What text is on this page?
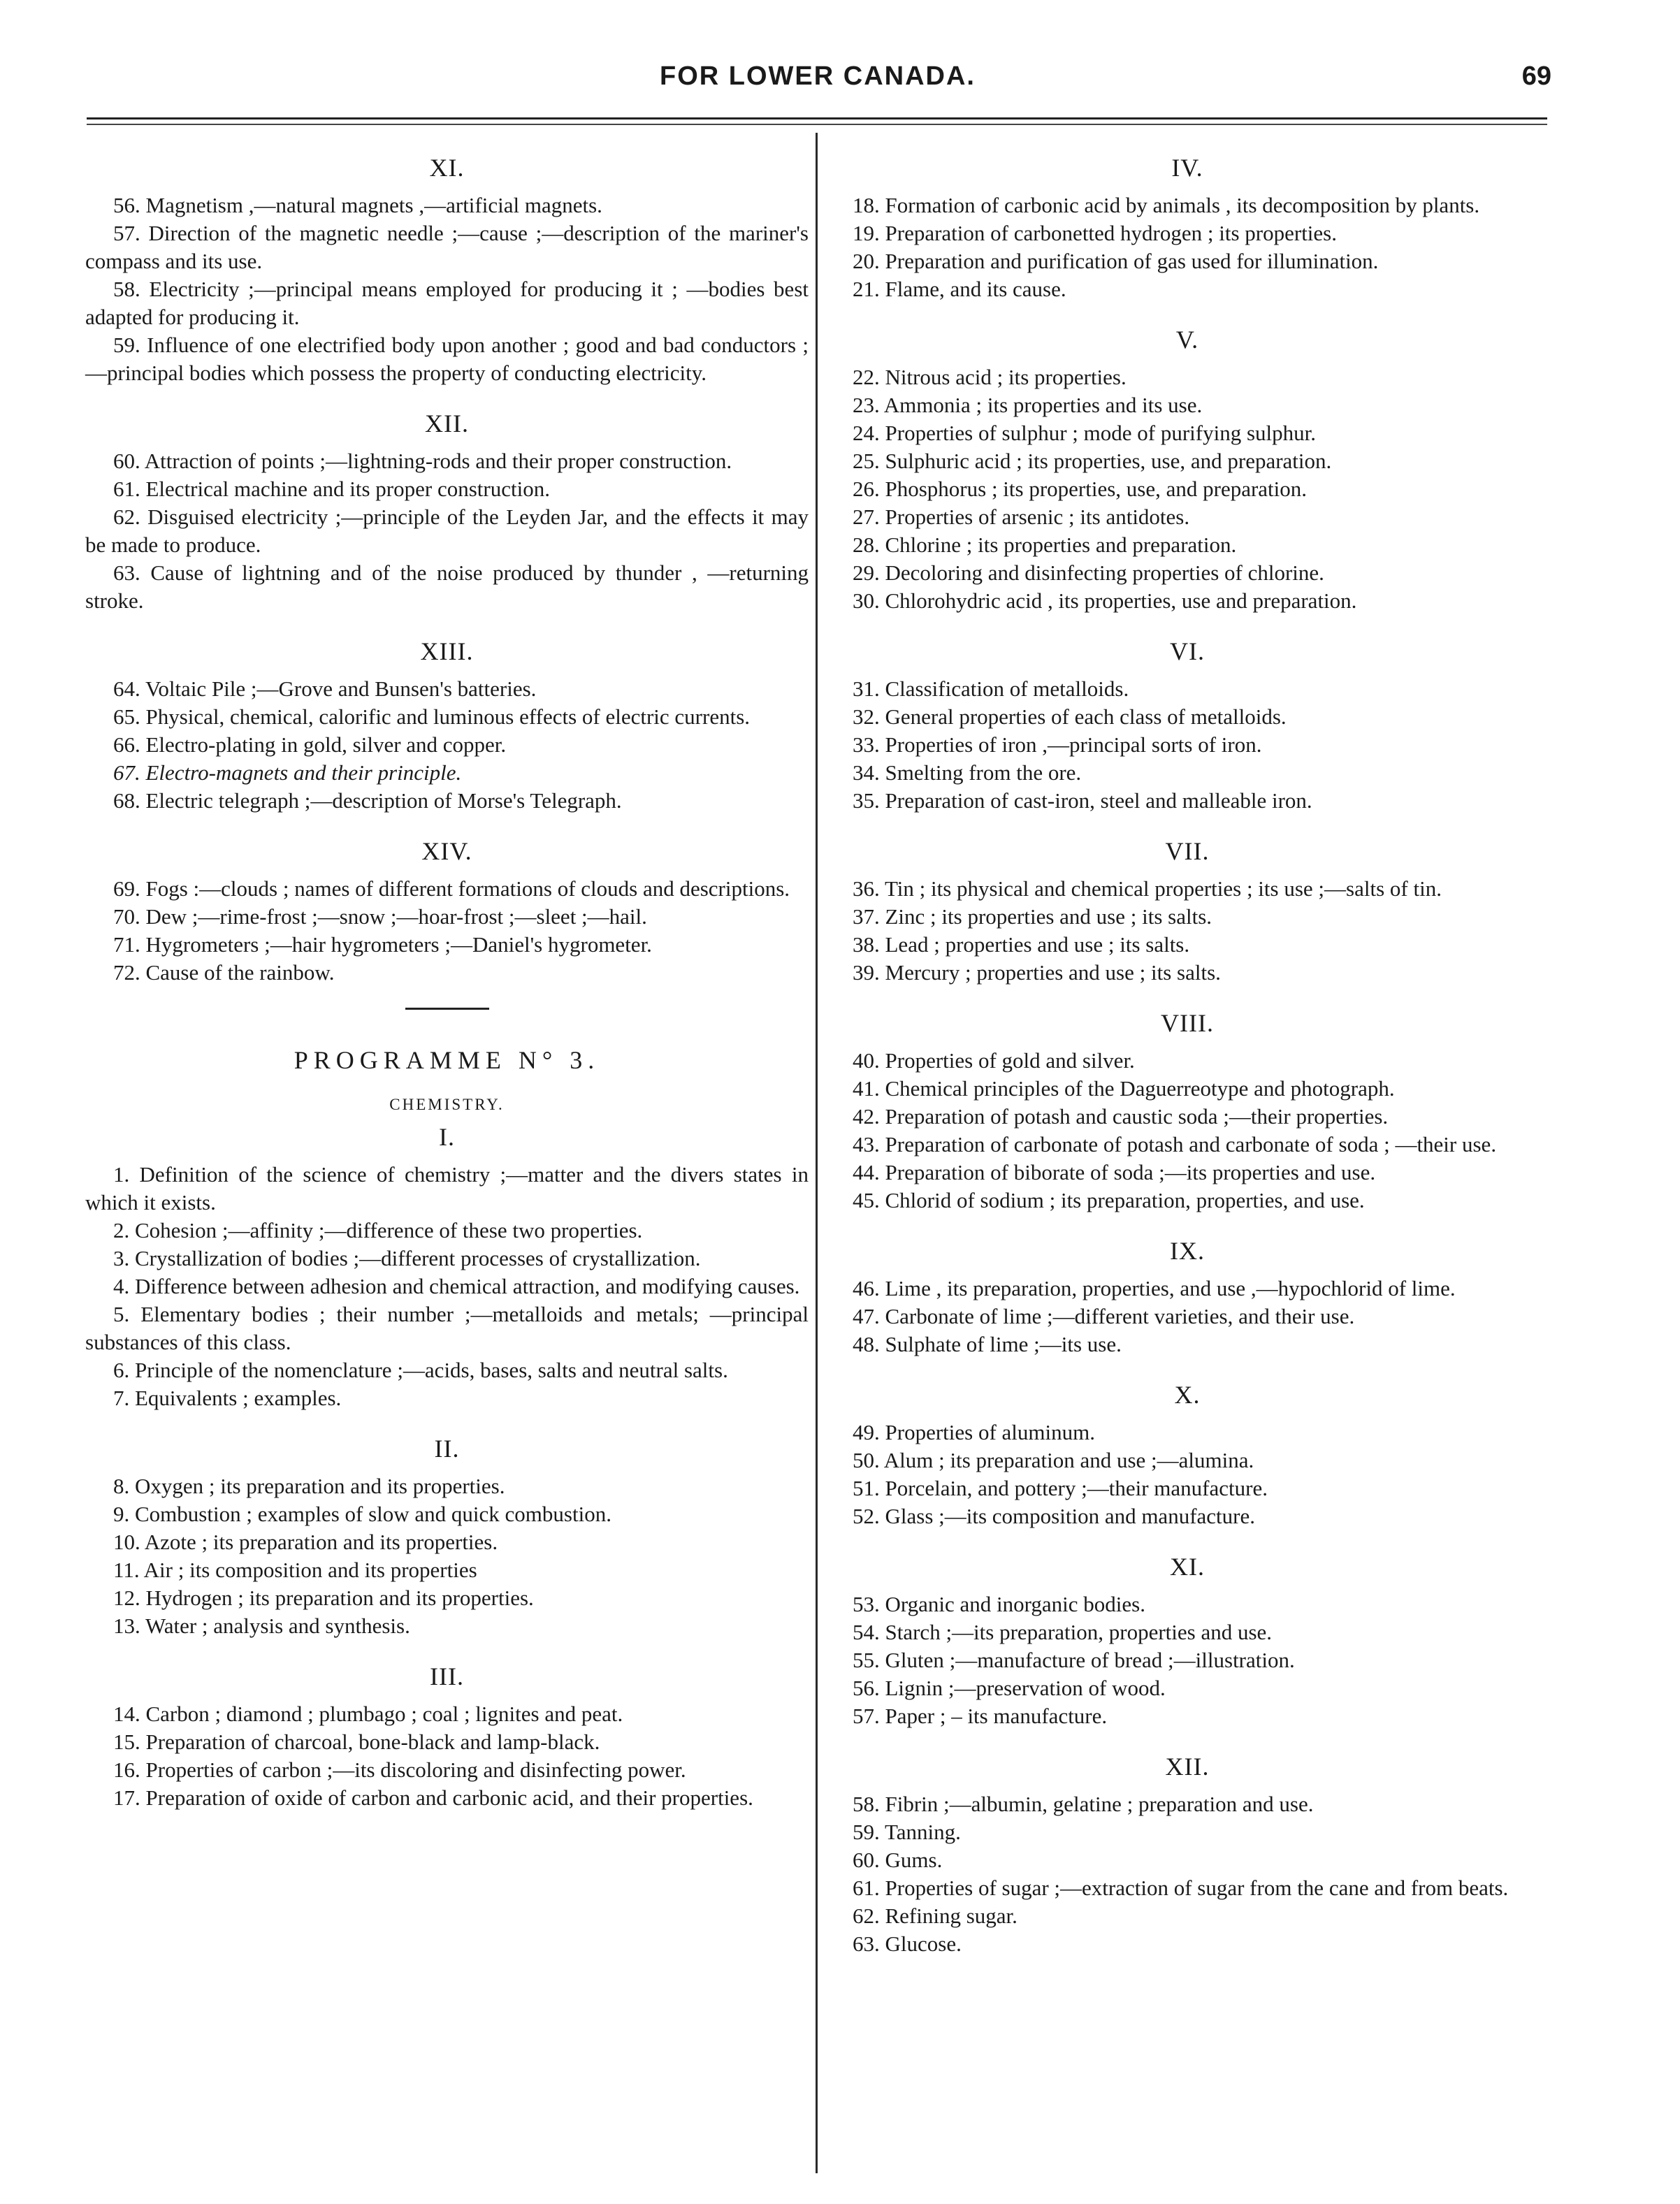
FOR LOWER CANADA.	69
XI.

56. Magnetism ,—natural magnets ,—artificial magnets.

57. Direction of the magnetic needle ;—cause ;—description of the mariner's compass and its use.

58. Electricity ;—principal means employed for producing it ; —bodies best adapted for producing it.

59. Influence of one electrified body upon another ; good and bad conductors ;—principal bodies which possess the property of conducting electricity.

XII.

60. Attraction of points ;—lightning-rods and their proper construction.

61. Electrical machine and its proper construction.

62. Disguised electricity ;—principle of the Leyden Jar, and the effects it may be made to produce.

63. Cause of lightning and of the noise produced by thunder , —returning stroke.

XIII.

64. Voltaic Pile ;—Grove and Bunsen's batteries.

65. Physical, chemical, calorific and luminous effects of electric currents.

66. Electro-plating in gold, silver and copper.

67. Electro-magnets and their principle.

68. Electric telegraph ;—description of Morse's Telegraph.

XIV.

69. Fogs :—clouds ; names of different formations of clouds and descriptions.

70. Dew ;—rime-frost ;—snow ;—hoar-frost ;—sleet ;—hail.

71. Hygrometers ;—hair hygrometers ;—Daniel's hygrometer.

72. Cause of the rainbow.

PROGRAMME N° 3.
CHEMISTRY.
I.

1. Definition of the science of chemistry ;—matter and the divers states in which it exists.

2. Cohesion ;—affinity ;—difference of these two properties.

3. Crystallization of bodies ;—different processes of crystallization.

4. Difference between adhesion and chemical attraction, and modifying causes.

5. Elementary bodies ; their number ;—metalloids and metals; —principal substances of this class.

6. Principle of the nomenclature ;—acids, bases, salts and neutral salts.

7. Equivalents ; examples.

II.

8. Oxygen ; its preparation and its properties.

9. Combustion ; examples of slow and quick combustion.

10. Azote ; its preparation and its properties.

11. Air ; its composition and its properties

12. Hydrogen ; its preparation and its properties.

13. Water ; analysis and synthesis.

III.

14. Carbon ; diamond ; plumbago ; coal ; lignites and peat.

15. Preparation of charcoal, bone-black and lamp-black.

16. Properties of carbon ;—its discoloring and disinfecting power.

17. Preparation of oxide of carbon and carbonic acid, and their properties.

IV.

18. Formation of carbonic acid by animals , its decomposition by plants.

19. Preparation of carbonetted hydrogen ; its properties.

20. Preparation and purification of gas used for illumination.

21. Flame, and its cause.

V.

22. Nitrous acid ; its properties.

23. Ammonia ; its properties and its use.

24. Properties of sulphur ; mode of purifying sulphur.

25. Sulphuric acid ; its properties, use, and preparation.

26. Phosphorus ; its properties, use, and preparation.

27. Properties of arsenic ; its antidotes.

28. Chlorine ; its properties and preparation.

29. Decoloring and disinfecting properties of chlorine.

30. Chlorohydric acid , its properties, use and preparation.

VI.

31. Classification of metalloids.

32. General properties of each class of metalloids.

33. Properties of iron ,—principal sorts of iron.

34. Smelting from the ore.

35. Preparation of cast-iron, steel and malleable iron.

VII.

36. Tin ; its physical and chemical properties ; its use ;—salts of tin.

37. Zinc ; its properties and use ; its salts.

38. Lead ; properties and use ; its salts.

39. Mercury ; properties and use ; its salts.

VIII.

40. Properties of gold and silver.

41. Chemical principles of the Daguerreotype and photograph.

42. Preparation of potash and caustic soda ;—their properties.

43. Preparation of carbonate of potash and carbonate of soda ; —their use.

44. Preparation of biborate of soda ;—its properties and use.

45. Chlorid of sodium ; its preparation, properties, and use.

IX.

46. Lime , its preparation, properties, and use ,—hypochlorid of lime.

47. Carbonate of lime ;—different varieties, and their use.

48. Sulphate of lime ;—its use.

X.

49. Properties of aluminum.

50. Alum ; its preparation and use ;—alumina.

51. Porcelain, and pottery ;—their manufacture.

52. Glass ;—its composition and manufacture.

XI.

53. Organic and inorganic bodies.

54. Starch ;—its preparation, properties and use.

55. Gluten ;—manufacture of bread ;—illustration.

56. Lignin ;—preservation of wood.

57. Paper ; – its manufacture.

XII.

58. Fibrin ;—albumin, gelatine ; preparation and use.

59. Tanning.

60. Gums.

61. Properties of sugar ;—extraction of sugar from the cane and from beats.

62. Refining sugar.

63. Glucose.
